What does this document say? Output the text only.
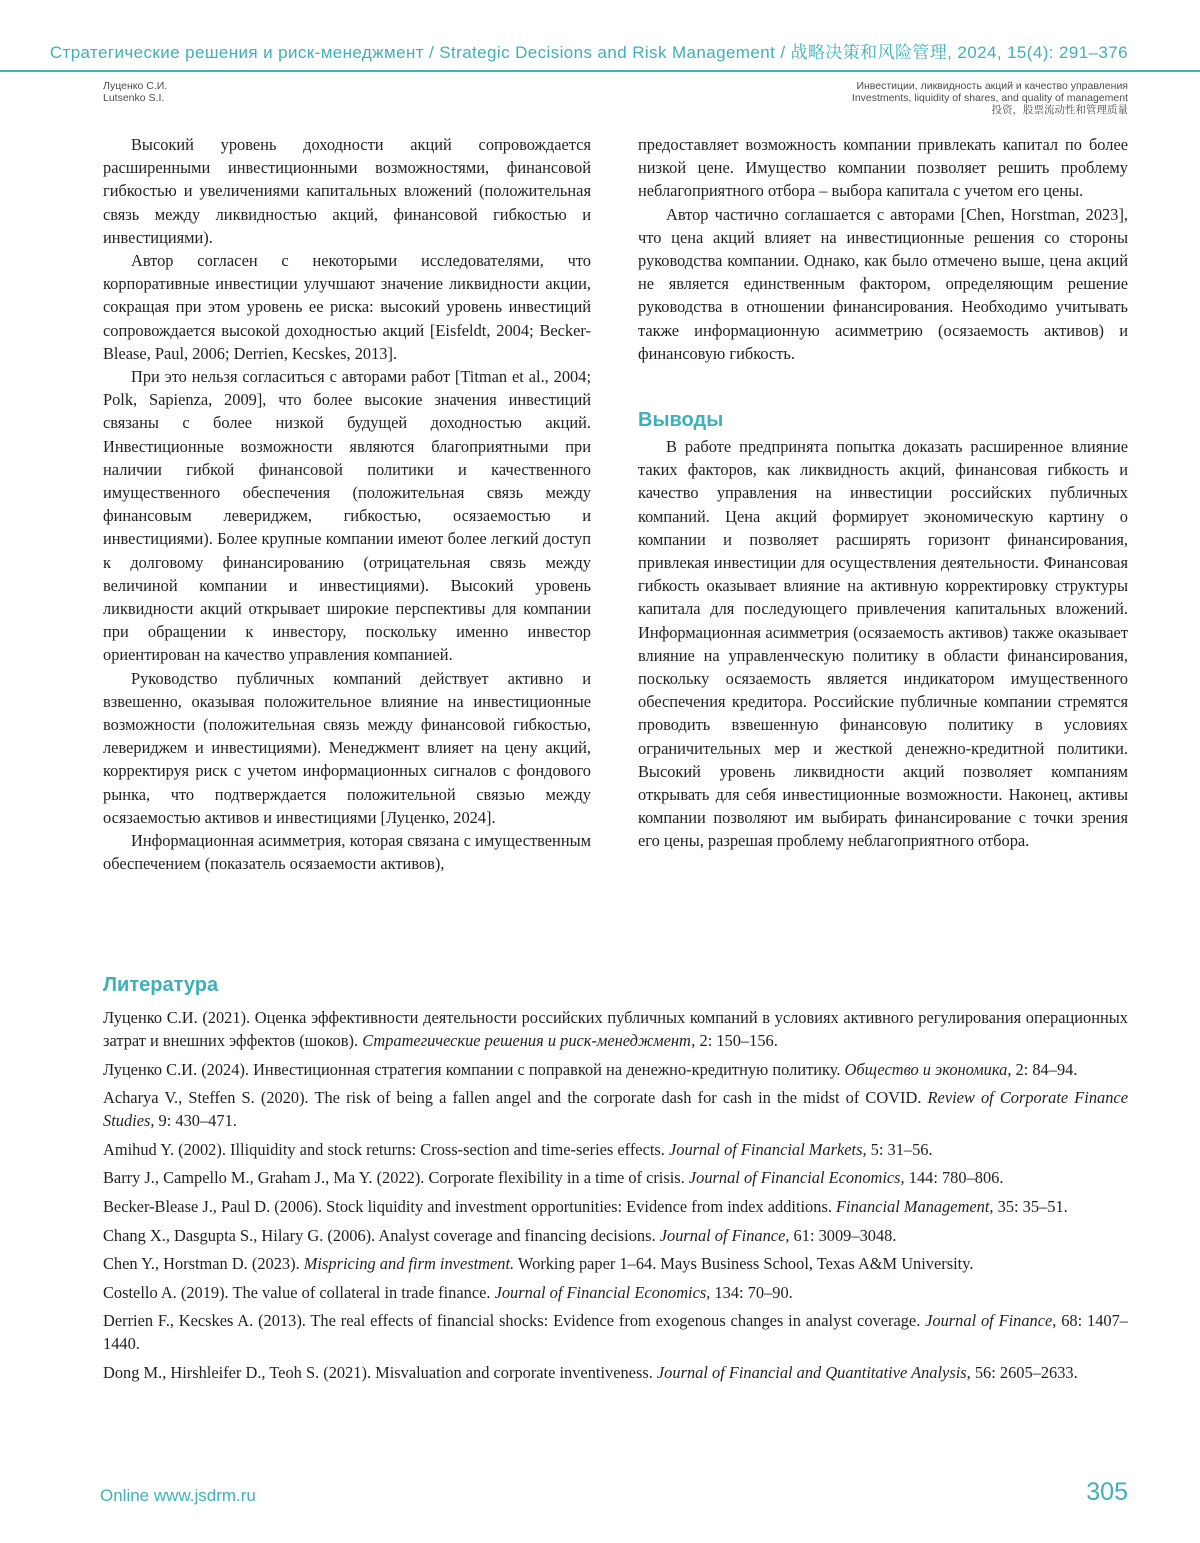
Стратегические решения и риск-менеджмент / Strategic Decisions and Risk Management / 战略决策和风险管理, 2024, 15(4): 291–376
Луценко С.И.
Lutsenko S.I.
Инвестиции, ликвидность акций и качество управления
Investments, liquidity of shares, and quality of management
投资，股票流动性和管理质量

Высокий уровень доходности акций сопровождается расширенными инвестиционными возможностями, финансовой гибкостью и увеличениями капитальных вложений (положительная связь между ликвидностью акций, финансовой гибкостью и инвестициями).

Автор согласен с некоторыми исследователями, что корпоративные инвестиции улучшают значение ликвидности акции, сокращая при этом уровень ее риска: высокий уровень инвестиций сопровождается высокой доходностью акций [Eisfeldt, 2004; Becker-Blease, Paul, 2006; Derrien, Kecskes, 2013].

При это нельзя согласиться с авторами работ [Titman et al., 2004; Polk, Sapienza, 2009], что более высокие значения инвестиций связаны с более низкой будущей доходностью акций. Инвестиционные возможности являются благоприятными при наличии гибкой финансовой политики и качественного имущественного обеспечения (положительная связь между финансовым левериджем, гибкостью, осязаемостью и инвестициями). Более крупные компании имеют более легкий доступ к долговому финансированию (отрицательная связь между величиной компании и инвестициями). Высокий уровень ликвидности акций открывает широкие перспективы для компании при обращении к инвестору, поскольку именно инвестор ориентирован на качество управления компанией.

Руководство публичных компаний действует активно и взвешенно, оказывая положительное влияние на инвестиционные возможности (положительная связь между финансовой гибкостью, левериджем и инвестициями). Менеджмент влияет на цену акций, корректируя риск с учетом информационных сигналов с фондового рынка, что подтверждается положительной связью между осязаемостью активов и инвестициями [Луценко, 2024].

Информационная асимметрия, которая связана с имущественным обеспечением (показатель осязаемости активов),

предоставляет возможность компании привлекать капитал по более низкой цене. Имущество компании позволяет решить проблему неблагоприятного отбора – выбора капитала с учетом его цены.

Автор частично соглашается с авторами [Chen, Horstman, 2023], что цена акций влияет на инвестиционные решения со стороны руководства компании. Однако, как было отмечено выше, цена акций не является единственным фактором, определяющим решение руководства в отношении финансирования. Необходимо учитывать также информационную асимметрию (осязаемость активов) и финансовую гибкость.

Выводы

В работе предпринята попытка доказать расширенное влияние таких факторов, как ликвидность акций, финансовая гибкость и качество управления на инвестиции российских публичных компаний. Цена акций формирует экономическую картину о компании и позволяет расширять горизонт финансирования, привлекая инвестиции для осуществления деятельности. Финансовая гибкость оказывает влияние на активную корректировку структуры капитала для последующего привлечения капитальных вложений. Информационная асимметрия (осязаемость активов) также оказывает влияние на управленческую политику в области финансирования, поскольку осязаемость является индикатором имущественного обеспечения кредитора. Российские публичные компании стремятся проводить взвешенную финансовую политику в условиях ограничительных мер и жесткой денежно-кредитной политики. Высокий уровень ликвидности акций позволяет компаниям открывать для себя инвестиционные возможности. Наконец, активы компании позволяют им выбирать финансирование с точки зрения его цены, разрешая проблему неблагоприятного отбора.

Литература

Луценко С.И. (2021). Оценка эффективности деятельности российских публичных компаний в условиях активного регулирования операционных затрат и внешних эффектов (шоков). Стратегические решения и риск-менеджмент, 2: 150–156.

Луценко С.И. (2024). Инвестиционная стратегия компании с поправкой на денежно-кредитную политику. Общество и экономика, 2: 84–94.

Acharya V., Steffen S. (2020). The risk of being a fallen angel and the corporate dash for cash in the midst of COVID. Review of Corporate Finance Studies, 9: 430–471.

Amihud Y. (2002). Illiquidity and stock returns: Cross-section and time-series effects. Journal of Financial Markets, 5: 31–56.

Barry J., Campello M., Graham J., Ma Y. (2022). Corporate flexibility in a time of crisis. Journal of Financial Economics, 144: 780–806.

Becker-Blease J., Paul D. (2006). Stock liquidity and investment opportunities: Evidence from index additions. Financial Management, 35: 35–51.

Chang X., Dasgupta S., Hilary G. (2006). Analyst coverage and financing decisions. Journal of Finance, 61: 3009–3048.

Chen Y., Horstman D. (2023). Mispricing and firm investment. Working paper 1–64. Mays Business School, Texas A&M University.

Costello A. (2019). The value of collateral in trade finance. Journal of Financial Economics, 134: 70–90.

Derrien F., Kecskes A. (2013). The real effects of financial shocks: Evidence from exogenous changes in analyst coverage. Journal of Finance, 68: 1407–1440.

Dong M., Hirshleifer D., Teoh S. (2021). Misvaluation and corporate inventiveness. Journal of Financial and Quantitative Analysis, 56: 2605–2633.

Online www.jsdrm.ru	305
